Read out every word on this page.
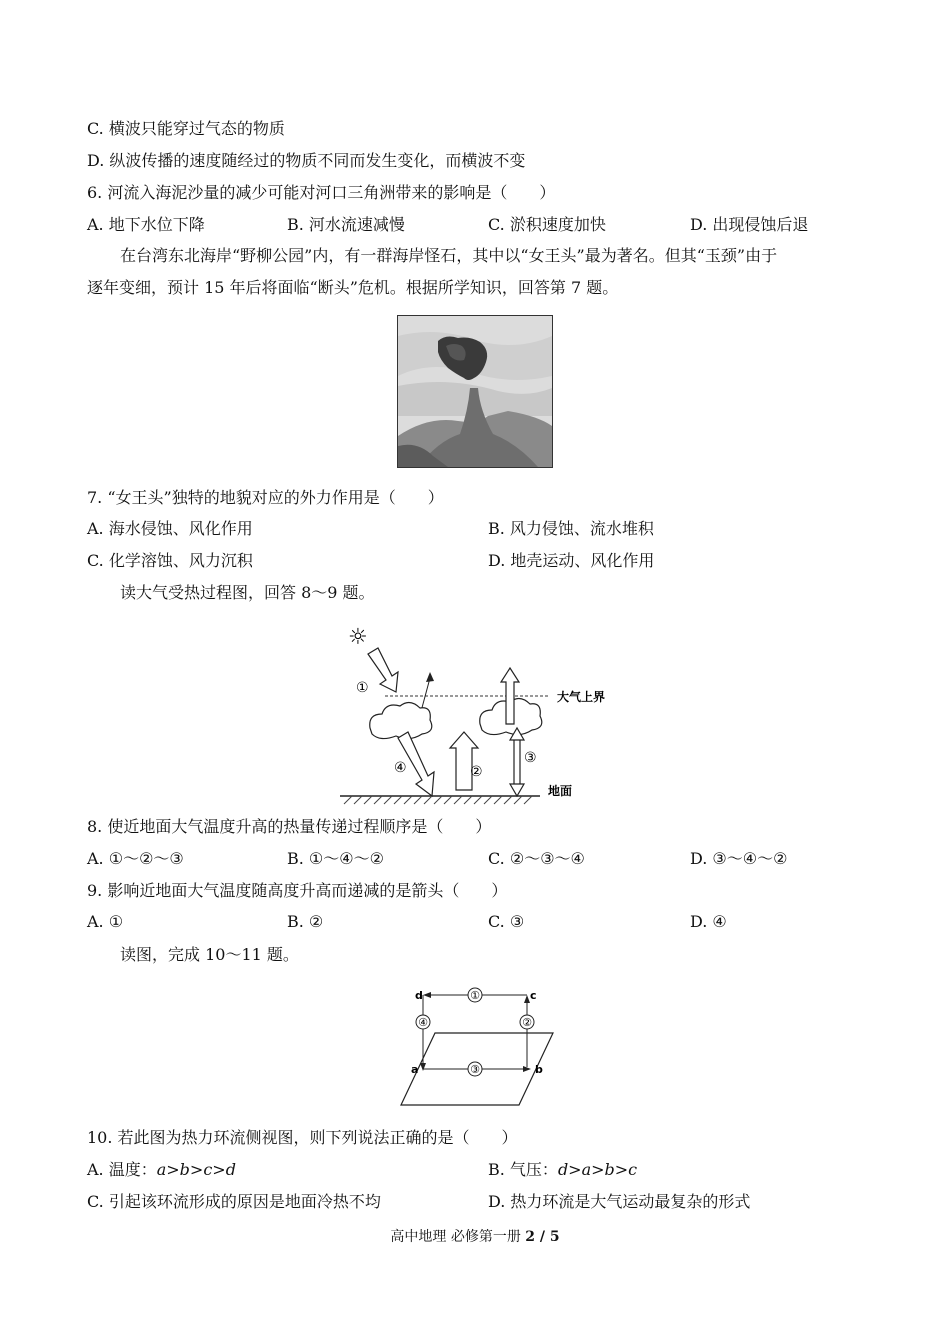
C. 横波只能穿过气态的物质
D. 纵波传播的速度随经过的物质不同而发生变化，而横波不变
6. 河流入海泥沙量的减少可能对河口三角洲带来的影响是（　　）
A. 地下水位下降	B. 河水流速减慢	C. 淤积速度加快	D. 出现侵蚀后退
在台湾东北海岸“野柳公园”内，有一群海岸怪石，其中以“女王头”最为著名。但其“玉颈”由于
逐年变细，预计 15 年后将面临“断头”危机。根据所学知识，回答第 7 题。
7. “女王头”独特的地貌对应的外力作用是（　　）
A. 海水侵蚀、风化作用	B. 风力侵蚀、流水堆积
C. 化学溶蚀、风力沉积	D. 地壳运动、风化作用
读大气受热过程图，回答 8～9 题。
☼
大气上界
①
④	②
③
地面
8. 使近地面大气温度升高的热量传递过程顺序是（　　）
A. ①～②～③	B. ①～④～②	C. ②～③～④	D. ③～④～②
9. 影响近地面大气温度随高度升高而递减的是箭头（　　）
A. ①	B. ②	C. ③	D. ④
读图，完成 10～11 题。
①
d	c
④	②
③
a	b
10. 若此图为热力环流侧视图，则下列说法正确的是（　　）
A. 温度：a>b>c>d	B. 气压：d>a>b>c
C. 引起该环流形成的原因是地面冷热不均	D. 热力环流是大气运动最复杂的形式
高中地理 必修第一册 2 / 5
